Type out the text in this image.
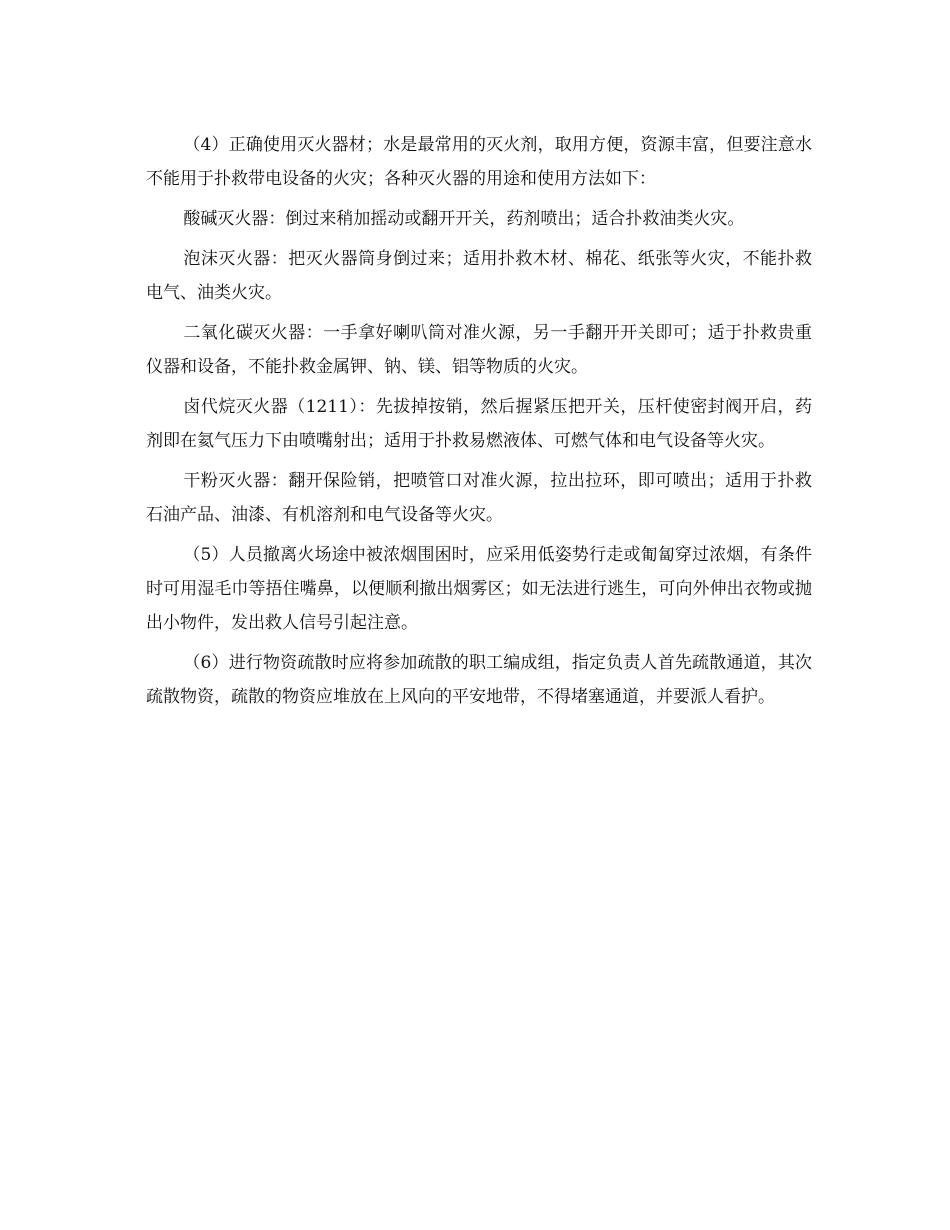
（4）正确使用灭火器材；水是最常用的灭火剂，取用方便，资源丰富，但要注意水不能用于扑救带电设备的火灾；各种灭火器的用途和使用方法如下：

酸碱灭火器：倒过来稍加摇动或翻开开关，药剂喷出；适合扑救油类火灾。

泡沫灭火器：把灭火器筒身倒过来；适用扑救木材、棉花、纸张等火灾，不能扑救电气、油类火灾。

二氧化碳灭火器：一手拿好喇叭筒对准火源，另一手翻开开关即可；适于扑救贵重仪器和设备，不能扑救金属钾、钠、镁、铝等物质的火灾。

卤代烷灭火器（1211）：先拔掉按销，然后握紧压把开关，压杆使密封阀开启，药剂即在氦气压力下由喷嘴射出；适用于扑救易燃液体、可燃气体和电气设备等火灾。

干粉灭火器：翻开保险销，把喷管口对准火源，拉出拉环，即可喷出；适用于扑救石油产品、油漆、有机溶剂和电气设备等火灾。

（5）人员撤离火场途中被浓烟围困时，应采用低姿势行走或匍匐穿过浓烟，有条件时可用湿毛巾等捂住嘴鼻，以便顺利撤出烟雾区；如无法进行逃生，可向外伸出衣物或抛出小物件，发出救人信号引起注意。

（6）进行物资疏散时应将参加疏散的职工编成组，指定负责人首先疏散通道，其次疏散物资，疏散的物资应堆放在上风向的平安地带，不得堵塞通道，并要派人看护。
